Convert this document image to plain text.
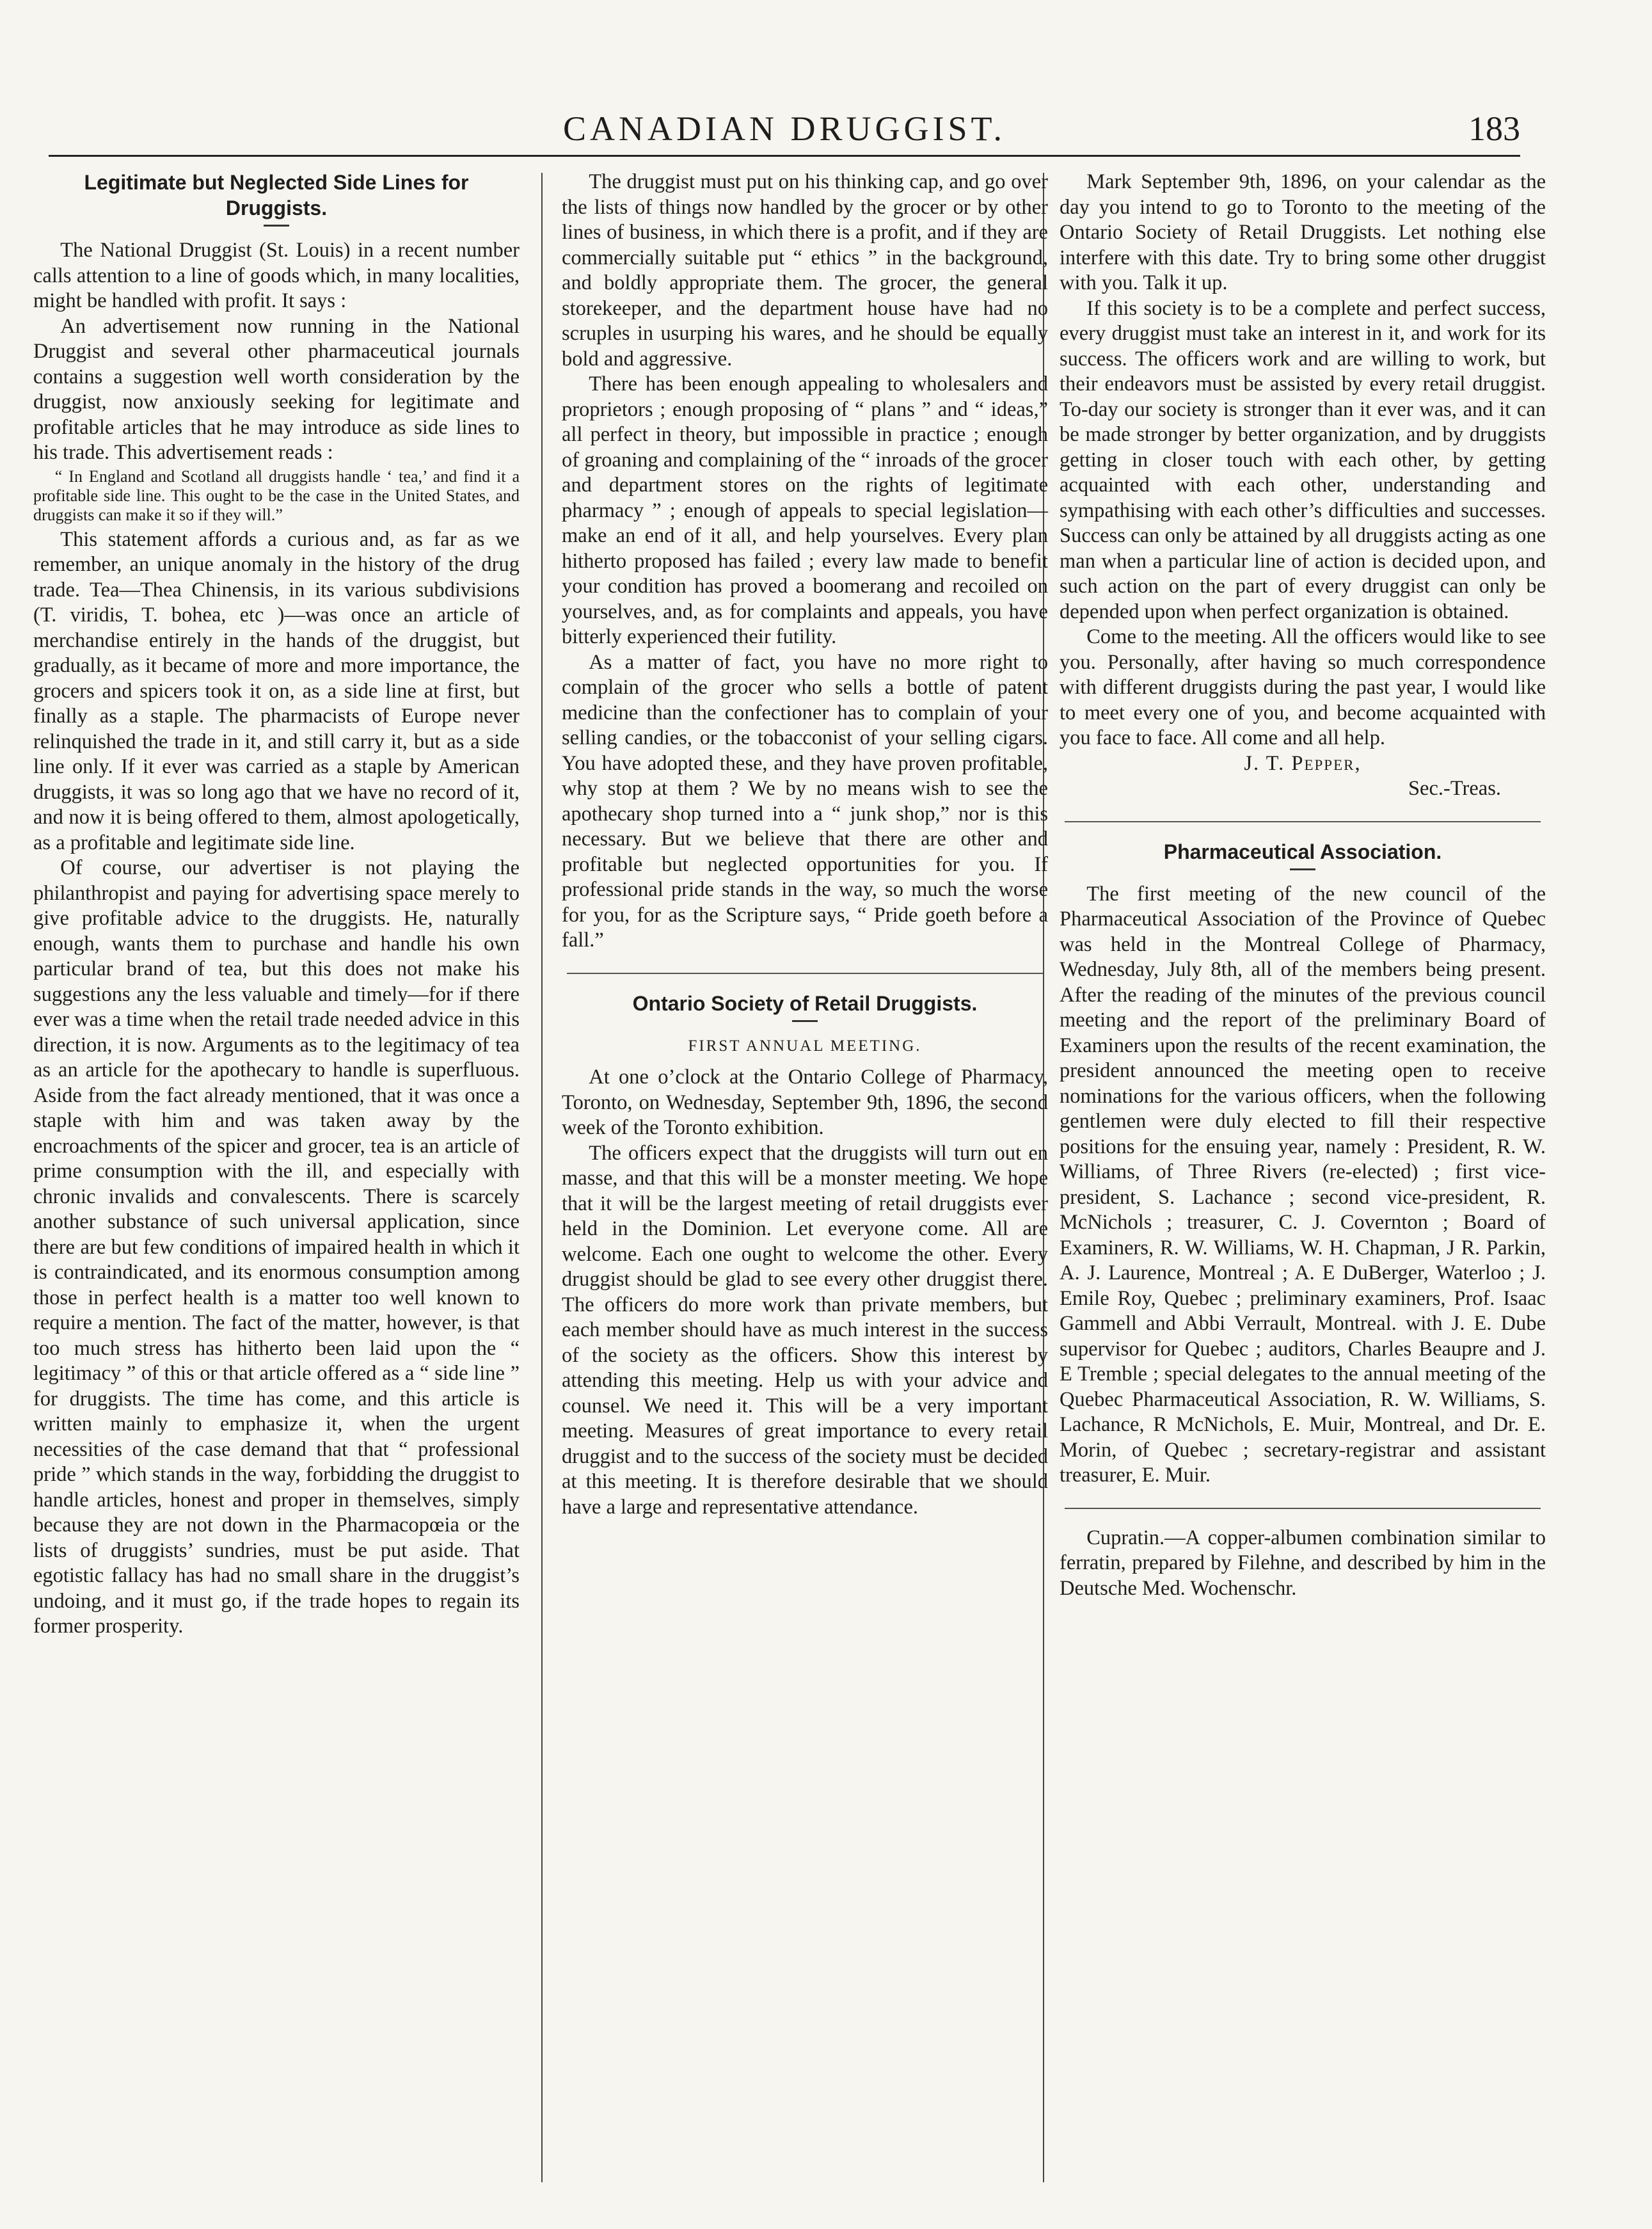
CANADIAN DRUGGIST.	183
Legitimate but Neglected Side Lines for Druggists.

The National Druggist (St. Louis) in a recent number calls attention to a line of goods which, in many localities, might be handled with profit. It says :

An advertisement now running in the National Druggist and several other pharmaceutical journals contains a suggestion well worth consideration by the druggist, now anxiously seeking for legitimate and profitable articles that he may introduce as side lines to his trade. This advertisement reads :

“ In England and Scotland all druggists handle ‘ tea,’ and find it a profitable side line. This ought to be the case in the United States, and druggists can make it so if they will.”

This statement affords a curious and, as far as we remember, an unique anomaly in the history of the drug trade. Tea—Thea Chinensis, in its various subdivisions (T. viridis, T. bohea, etc )—was once an article of merchandise entirely in the hands of the druggist, but gradually, as it became of more and more importance, the grocers and spicers took it on, as a side line at first, but finally as a staple. The pharmacists of Europe never relinquished the trade in it, and still carry it, but as a side line only. If it ever was carried as a staple by American druggists, it was so long ago that we have no record of it, and now it is being offered to them, almost apologetically, as a profitable and legitimate side line.

Of course, our advertiser is not playing the philanthropist and paying for advertising space merely to give profitable advice to the druggists. He, naturally enough, wants them to purchase and handle his own particular brand of tea, but this does not make his suggestions any the less valuable and timely—for if there ever was a time when the retail trade needed advice in this direction, it is now. Arguments as to the legitimacy of tea as an article for the apothecary to handle is superfluous. Aside from the fact already mentioned, that it was once a staple with him and was taken away by the encroachments of the spicer and grocer, tea is an article of prime consumption with the ill, and especially with chronic invalids and convalescents. There is scarcely another substance of such universal application, since there are but few conditions of impaired health in which it is contraindicated, and its enormous consumption among those in perfect health is a matter too well known to require a mention. The fact of the matter, however, is that too much stress has hitherto been laid upon the “ legitimacy ” of this or that article offered as a “ side line ” for druggists. The time has come, and this article is written mainly to emphasize it, when the urgent necessities of the case demand that that “ professional pride ” which stands in the way, forbidding the druggist to handle articles, honest and proper in themselves, simply because they are not down in the Pharmacopœia or the lists of druggists’ sundries, must be put aside. That egotistic fallacy has had no small share in the druggist’s undoing, and it must go, if the trade hopes to regain its former prosperity.

The druggist must put on his thinking cap, and go over the lists of things now handled by the grocer or by other lines of business, in which there is a profit, and if they are commercially suitable put “ ethics ” in the background, and boldly appropriate them. The grocer, the general storekeeper, and the department house have had no scruples in usurping his wares, and he should be equally bold and aggressive.

There has been enough appealing to wholesalers and proprietors ; enough proposing of “ plans ” and “ ideas,” all perfect in theory, but impossible in practice ; enough of groaning and complaining of the “ inroads of the grocer and department stores on the rights of legitimate pharmacy ” ; enough of appeals to special legislation—make an end of it all, and help yourselves. Every plan hitherto proposed has failed ; every law made to benefit your condition has proved a boomerang and recoiled on yourselves, and, as for complaints and appeals, you have bitterly experienced their futility.

As a matter of fact, you have no more right to complain of the grocer who sells a bottle of patent medicine than the confectioner has to complain of your selling candies, or the tobacconist of your selling cigars. You have adopted these, and they have proven profitable, why stop at them ? We by no means wish to see the apothecary shop turned into a “ junk shop,” nor is this necessary. But we believe that there are other and profitable but neglected opportunities for you. If professional pride stands in the way, so much the worse for you, for as the Scripture says, “ Pride goeth before a fall.”

Ontario Society of Retail Druggists.
FIRST ANNUAL MEETING.

At one o’clock at the Ontario College of Pharmacy, Toronto, on Wednesday, September 9th, 1896, the second week of the Toronto exhibition.

The officers expect that the druggists will turn out en masse, and that this will be a monster meeting. We hope that it will be the largest meeting of retail druggists ever held in the Dominion. Let everyone come. All are welcome. Each one ought to welcome the other. Every druggist should be glad to see every other druggist there. The officers do more work than private members, but each member should have as much interest in the success of the society as the officers. Show this interest by attending this meeting. Help us with your advice and counsel. We need it. This will be a very important meeting. Measures of great importance to every retail druggist and to the success of the society must be decided at this meeting. It is therefore desirable that we should have a large and representative attendance.

Mark September 9th, 1896, on your calendar as the day you intend to go to Toronto to the meeting of the Ontario Society of Retail Druggists. Let nothing else interfere with this date. Try to bring some other druggist with you. Talk it up.

If this society is to be a complete and perfect success, every druggist must take an interest in it, and work for its success. The officers work and are willing to work, but their endeavors must be assisted by every retail druggist. To-day our society is stronger than it ever was, and it can be made stronger by better organization, and by druggists getting in closer touch with each other, by getting acquainted with each other, understanding and sympathising with each other’s difficulties and successes. Success can only be attained by all druggists acting as one man when a particular line of action is decided upon, and such action on the part of every druggist can only be depended upon when perfect organization is obtained.

Come to the meeting. All the officers would like to see you. Personally, after having so much correspondence with different druggists during the past year, I would like to meet every one of you, and become acquainted with you face to face. All come and all help.

J. T. Pepper,
Sec.-Treas.
Pharmaceutical Association.

The first meeting of the new council of the Pharmaceutical Association of the Province of Quebec was held in the Montreal College of Pharmacy, Wednesday, July 8th, all of the members being present. After the reading of the minutes of the previous council meeting and the report of the preliminary Board of Examiners upon the results of the recent examination, the president announced the meeting open to receive nominations for the various officers, when the following gentlemen were duly elected to fill their respective positions for the ensuing year, namely : President, R. W. Williams, of Three Rivers (re-elected) ; first vice-president, S. Lachance ; second vice-president, R. McNichols ; treasurer, C. J. Covernton ; Board of Examiners, R. W. Williams, W. H. Chapman, J R. Parkin, A. J. Laurence, Montreal ; A. E DuBerger, Waterloo ; J. Emile Roy, Quebec ; preliminary examiners, Prof. Isaac Gammell and Abbi Verrault, Montreal. with J. E. Dube supervisor for Quebec ; auditors, Charles Beaupre and J. E Tremble ; special delegates to the annual meeting of the Quebec Pharmaceutical Association, R. W. Williams, S. Lachance, R McNichols, E. Muir, Montreal, and Dr. E. Morin, of Quebec ; secretary-registrar and assistant treasurer, E. Muir.

Cupratin.—A copper-albumen combination similar to ferratin, prepared by Filehne, and described by him in the Deutsche Med. Wochenschr.
